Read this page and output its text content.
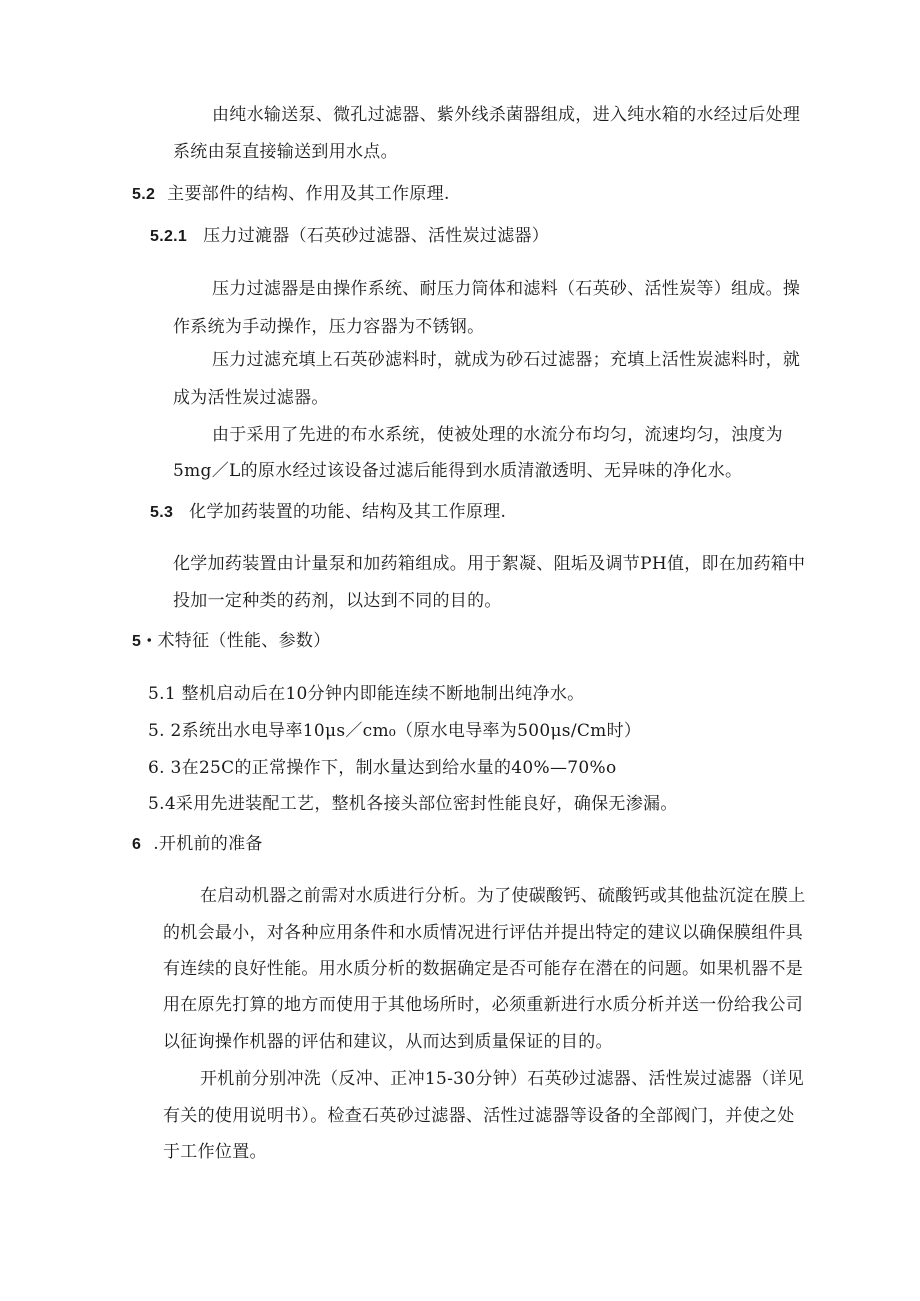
由纯水输送泵、微孔过滤器、紫外线杀菌器组成，进入纯水箱的水经过后处理
系统由泵直接输送到用水点。
5.2 主要部件的结构、作用及其工作原理.
5.2.1 压力过漉器（石英砂过滤器、活性炭过滤器）
压力过滤器是由操作系统、耐压力筒体和滤料（石英砂、活性炭等）组成。操
作系统为手动操作，压力容器为不锈钢。
压力过滤充填上石英砂滤料时，就成为砂石过滤器；充填上活性炭滤料时，就
成为活性炭过滤器。
由于采用了先进的布水系统，使被处理的水流分布均匀，流速均匀，浊度为
5mg／L的原水经过该设备过滤后能得到水质清澈透明、无异味的净化水。
5.3 化学加药装置的功能、结构及其工作原理.
化学加药装置由计量泵和加药箱组成。用于絮凝、阻垢及调节PH值，即在加药箱中
投加一定种类的药剂，以达到不同的目的。
5・术特征（性能、参数）
5.1 整机启动后在10分钟内即能连续不断地制出纯净水。
5. 2系统出水电导率10μs／cm₀（原水电导率为500μs/Cm时）
6. 3在25C的正常操作下，制水量达到给水量的40%—70%o
5.4采用先进装配工艺，整机各接头部位密封性能良好，确保无渗漏。
6 .开机前的准备
在启动机器之前需对水质进行分析。为了使碳酸钙、硫酸钙或其他盐沉淀在膜上
的机会最小，对各种应用条件和水质情况进行评估并提出特定的建议以确保膜组件具
有连续的良好性能。用水质分析的数据确定是否可能存在潜在的问题。如果机器不是
用在原先打算的地方而使用于其他场所时，必须重新进行水质分析并送一份给我公司
以征询操作机器的评估和建议，从而达到质量保证的目的。
开机前分别冲洗（反冲、正冲15-30分钟）石英砂过滤器、活性炭过滤器（详见
有关的使用说明书）。检查石英砂过滤器、活性过滤器等设备的全部阀门，并使之处
于工作位置。
